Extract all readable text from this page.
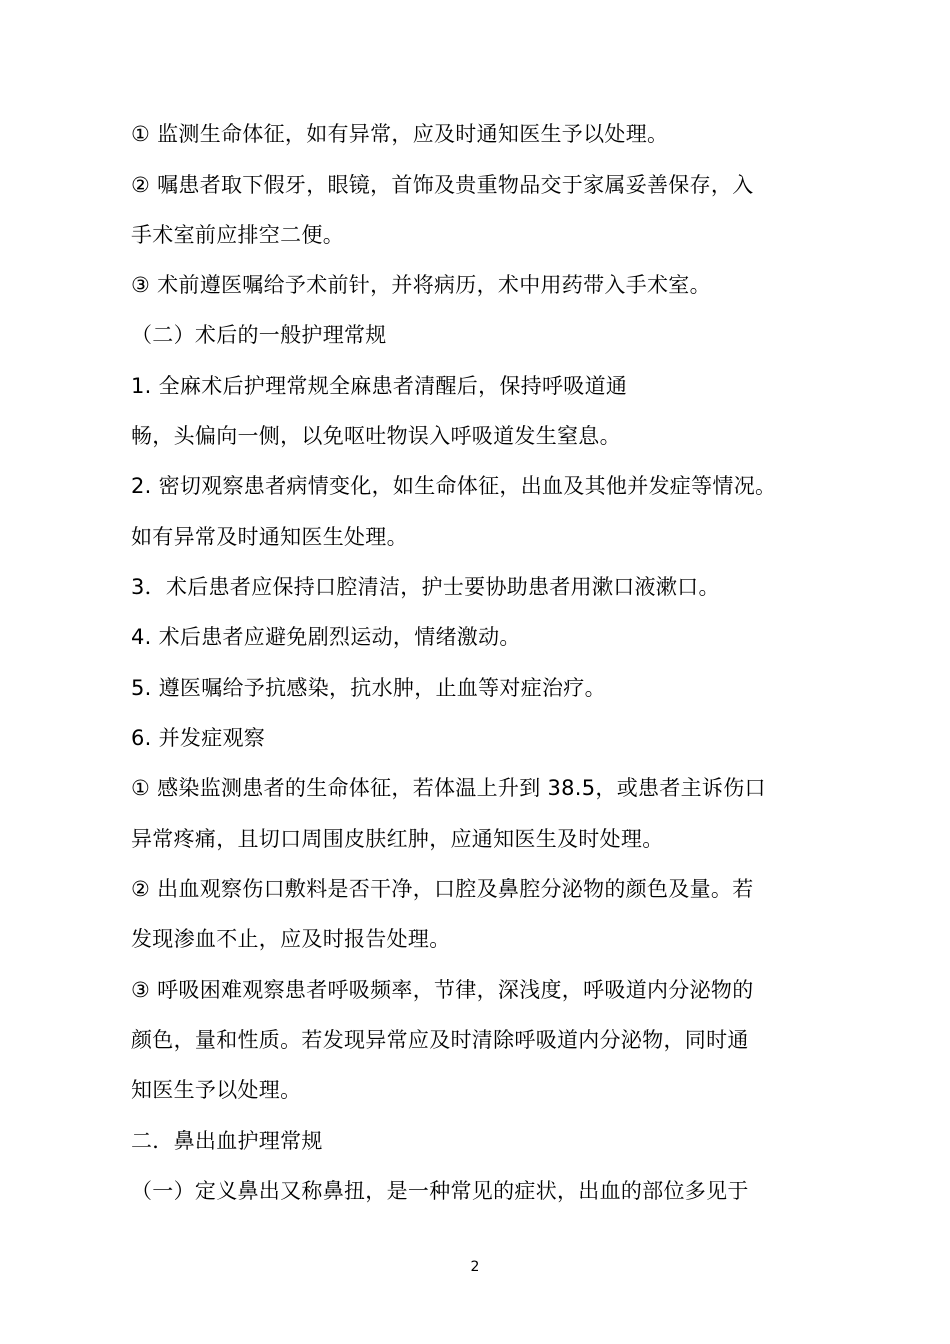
① 监测生命体征，如有异常，应及时通知医生予以处理。
② 嘱患者取下假牙，眼镜，首饰及贵重物品交于家属妥善保存，入
手术室前应排空二便。
③ 术前遵医嘱给予术前针，并将病历，术中用药带入手术室。
（二）术后的一般护理常规
1. 全麻术后护理常规全麻患者清醒后，保持呼吸道通
畅，头偏向一侧，以免呕吐物误入呼吸道发生窒息。
2. 密切观察患者病情变化，如生命体征，出血及其他并发症等情况。
如有异常及时通知医生处理。
3．术后患者应保持口腔清洁，护士要协助患者用漱口液漱口。
4. 术后患者应避免剧烈运动，情绪激动。
5. 遵医嘱给予抗感染，抗水肿，止血等对症治疗。
6. 并发症观察
① 感染监测患者的生命体征，若体温上升到 38.5，或患者主诉伤口
异常疼痛，且切口周围皮肤红肿，应通知医生及时处理。
② 出血观察伤口敷料是否干净，口腔及鼻腔分泌物的颜色及量。若
发现渗血不止，应及时报告处理。
③ 呼吸困难观察患者呼吸频率，节律，深浅度，呼吸道内分泌物的
颜色，量和性质。若发现异常应及时清除呼吸道内分泌物，同时通
知医生予以处理。
二．鼻出血护理常规
（一）定义鼻出又称鼻扭，是一种常见的症状，出血的部位多见于
2
